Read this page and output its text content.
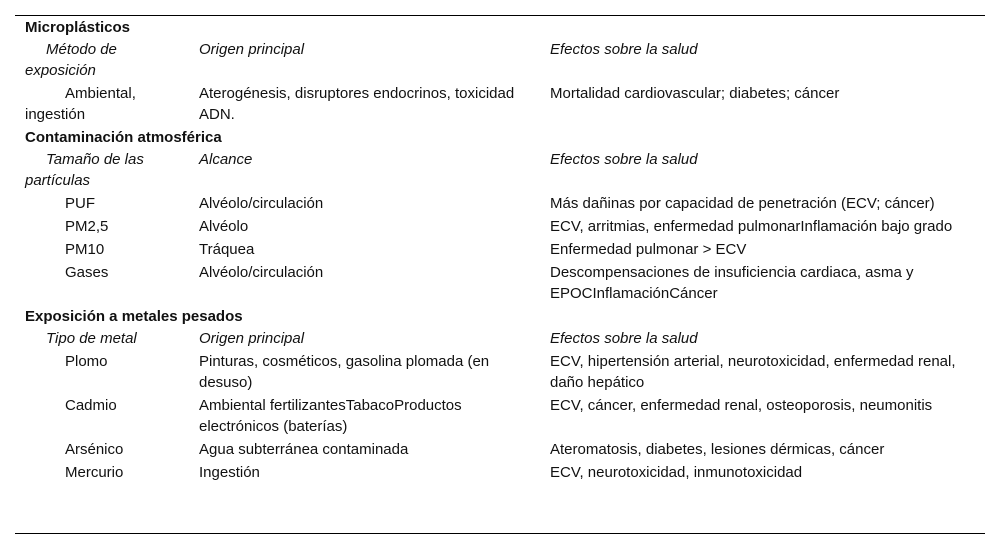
Microplásticos		
Método de exposición	Origen principal	Efectos sobre la salud
Ambiental, ingestión	Aterogénesis, disruptores endocrinos, toxicidad ADN.	Mortalidad cardiovascular; diabetes; cáncer
Contaminación atmosférica		
Tamaño de las partículas	Alcance	Efectos sobre la salud
PUF	Alvéolo/circulación	Más dañinas por capacidad de penetración (ECV; cáncer)
PM2,5	Alvéolo	ECV, arritmias, enfermedad pulmonarInflamación bajo grado
PM10	Tráquea	Enfermedad pulmonar > ECV
Gases	Alvéolo/circulación	Descompensaciones de insuficiencia cardiaca, asma y EPOCInflamaciónCáncer
Exposición a metales pesados		
Tipo de metal	Origen principal	Efectos sobre la salud
Plomo	Pinturas, cosméticos, gasolina plomada (en desuso)	ECV, hipertensión arterial, neurotoxicidad, enfermedad renal, daño hepático
Cadmio	Ambiental fertilizantesTabacoProductos electrónicos (baterías)	ECV, cáncer, enfermedad renal, osteoporosis, neumonitis
Arsénico	Agua subterránea contaminada	Ateromatosis, diabetes, lesiones dérmicas, cáncer
Mercurio	Ingestión	ECV, neurotoxicidad, inmunotoxicidad
